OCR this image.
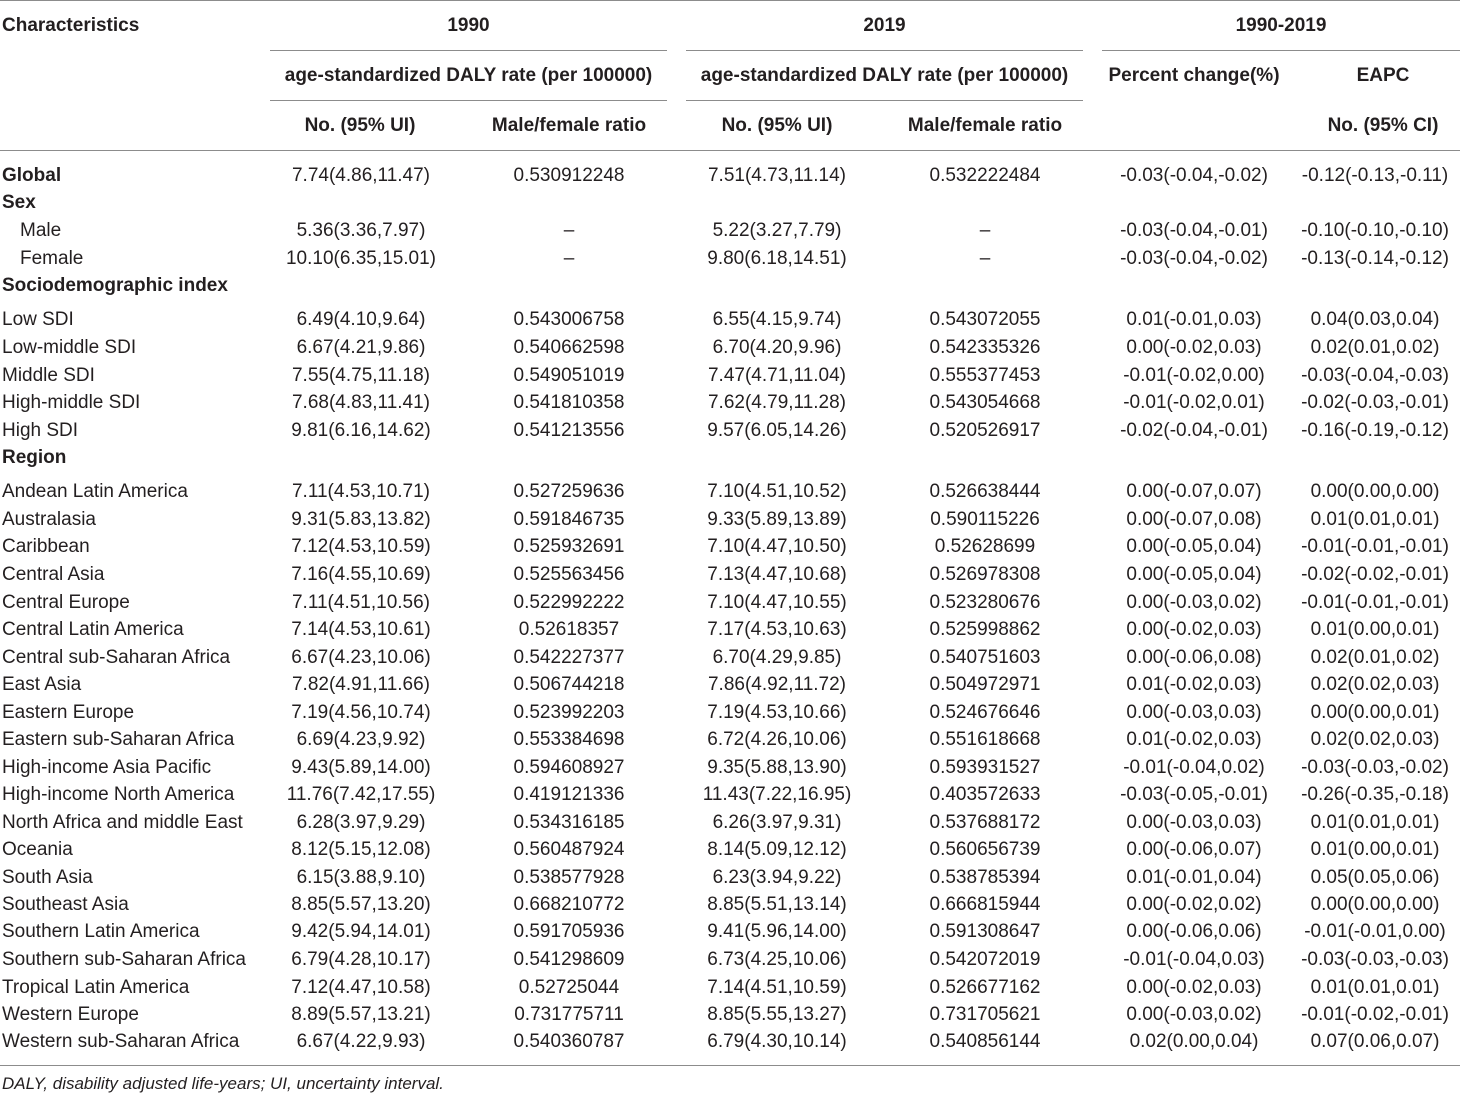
Characteristics	1990	2019	1990-2019
age-standardized DALY rate (per 100000)	age-standardized DALY rate (per 100000)	Percent change(%)	EAPC
No. (95% UI)	Male/female ratio	No. (95% UI)	Male/female ratio	No. (95% CI)
Global	7.74(4.86,11.47)	0.530912248	7.51(4.73,11.14)	0.532222484	-0.03(-0.04,-0.02) -0.12(-0.13,-0.11)
Sex
Male	5.36(3.36,7.97)	–	5.22(3.27,7.79)	–	-0.03(-0.04,-0.01) -0.10(-0.10,-0.10)
Female	10.10(6.35,15.01)	–	9.80(6.18,14.51)	–	-0.03(-0.04,-0.02) -0.13(-0.14,-0.12)
Sociodemographic index
Low SDI	6.49(4.10,9.64)	0.543006758	6.55(4.15,9.74)	0.543072055	0.01(-0.01,0.03)	0.04(0.03,0.04)
Low-middle SDI	6.67(4.21,9.86)	0.540662598	6.70(4.20,9.96)	0.542335326	0.00(-0.02,0.03)	0.02(0.01,0.02)
Middle SDI	7.55(4.75,11.18)	0.549051019	7.47(4.71,11.04)	0.555377453	-0.01(-0.02,0.00) -0.03(-0.04,-0.03)
High-middle SDI	7.68(4.83,11.41)	0.541810358	7.62(4.79,11.28)	0.543054668	-0.01(-0.02,0.01) -0.02(-0.03,-0.01)
High SDI	9.81(6.16,14.62)	0.541213556	9.57(6.05,14.26)	0.520526917	-0.02(-0.04,-0.01) -0.16(-0.19,-0.12)
Region
Andean Latin America	7.11(4.53,10.71)	0.527259636	7.10(4.51,10.52)	0.526638444	0.00(-0.07,0.07)	0.00(0.00,0.00)
Australasia	9.31(5.83,13.82)	0.591846735	9.33(5.89,13.89)	0.590115226	0.00(-0.07,0.08)	0.01(0.01,0.01)
Caribbean	7.12(4.53,10.59)	0.525932691	7.10(4.47,10.50)	0.52628699	0.00(-0.05,0.04) -0.01(-0.01,-0.01)
Central Asia	7.16(4.55,10.69)	0.525563456	7.13(4.47,10.68)	0.526978308	0.00(-0.05,0.04) -0.02(-0.02,-0.01)
Central Europe	7.11(4.51,10.56)	0.522992222	7.10(4.47,10.55)	0.523280676	0.00(-0.03,0.02) -0.01(-0.01,-0.01)
Central Latin America	7.14(4.53,10.61)	0.52618357	7.17(4.53,10.63)	0.525998862	0.00(-0.02,0.03)	0.01(0.00,0.01)
Central sub-Saharan Africa	6.67(4.23,10.06)	0.542227377	6.70(4.29,9.85)	0.540751603	0.00(-0.06,0.08)	0.02(0.01,0.02)
East Asia	7.82(4.91,11.66)	0.506744218	7.86(4.92,11.72)	0.504972971	0.01(-0.02,0.03)	0.02(0.02,0.03)
Eastern Europe	7.19(4.56,10.74)	0.523992203	7.19(4.53,10.66)	0.524676646	0.00(-0.03,0.03)	0.00(0.00,0.01)
Eastern sub-Saharan Africa	6.69(4.23,9.92)	0.553384698	6.72(4.26,10.06)	0.551618668	0.01(-0.02,0.03)	0.02(0.02,0.03)
High-income Asia Pacific	9.43(5.89,14.00)	0.594608927	9.35(5.88,13.90)	0.593931527	-0.01(-0.04,0.02) -0.03(-0.03,-0.02)
High-income North America	11.76(7.42,17.55)	0.419121336	11.43(7.22,16.95)	0.403572633	-0.03(-0.05,-0.01) -0.26(-0.35,-0.18)
North Africa and middle East	6.28(3.97,9.29)	0.534316185	6.26(3.97,9.31)	0.537688172	0.00(-0.03,0.03)	0.01(0.01,0.01)
Oceania	8.12(5.15,12.08)	0.560487924	8.14(5.09,12.12)	0.560656739	0.00(-0.06,0.07)	0.01(0.00,0.01)
South Asia	6.15(3.88,9.10)	0.538577928	6.23(3.94,9.22)	0.538785394	0.01(-0.01,0.04)	0.05(0.05,0.06)
Southeast Asia	8.85(5.57,13.20)	0.668210772	8.85(5.51,13.14)	0.666815944	0.00(-0.02,0.02)	0.00(0.00,0.00)
Southern Latin America	9.42(5.94,14.01)	0.591705936	9.41(5.96,14.00)	0.591308647	0.00(-0.06,0.06) -0.01(-0.01,0.00)
Southern sub-Saharan Africa 6.79(4.28,10.17)	0.541298609	6.73(4.25,10.06)	0.542072019	-0.01(-0.04,0.03) -0.03(-0.03,-0.03)
Tropical Latin America	7.12(4.47,10.58)	0.52725044	7.14(4.51,10.59)	0.526677162	0.00(-0.02,0.03)	0.01(0.01,0.01)
Western Europe	8.89(5.57,13.21)	0.731775711	8.85(5.55,13.27)	0.731705621	0.00(-0.03,0.02) -0.01(-0.02,-0.01)
Western sub-Saharan Africa	6.67(4.22,9.93)	0.540360787	6.79(4.30,10.14)	0.540856144	0.02(0.00,0.04)	0.07(0.06,0.07)
DALY, disability adjusted life-years; UI, uncertainty interval.
